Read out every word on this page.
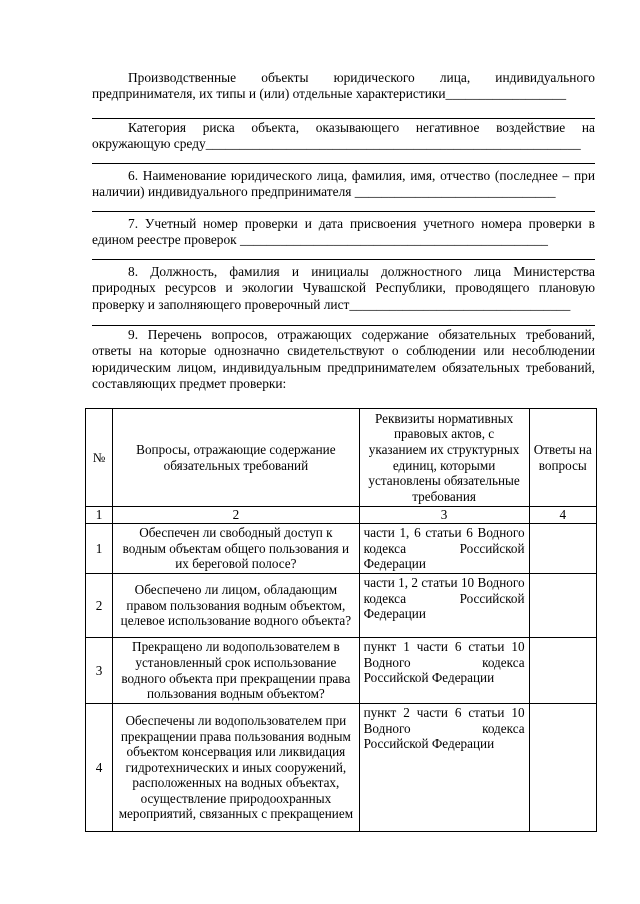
Производственные объекты юридического лица, индивидуального предпринимателя, их типы и (или) отдельные характеристики__________________
Категория риска объекта, оказывающего негативное воздействие на окружающую среду________________________________________________________
6. Наименование юридического лица, фамилия, имя, отчество (последнее – при наличии) индивидуального предпринимателя ______________________________
7. Учетный номер проверки и дата присвоения учетного номера проверки в едином реестре проверок ______________________________________________
8. Должность, фамилия и инициалы должностного лица Министерства природных ресурсов и экологии Чувашской Республики, проводящего плановую проверку и заполняющего проверочный лист_________________________________
9. Перечень вопросов, отражающих содержание обязательных требований, ответы на которые однозначно свидетельствуют о соблюдении или несоблюдении юридическим лицом, индивидуальным предпринимателем обязательных требований, составляющих предмет проверки:
№	Вопросы, отражающие содержание обязательных требований	Реквизиты нормативных правовых актов, с указанием их структурных единиц, которыми установлены обязательные требования	Ответы на вопросы
1	2	3	4
1	Обеспечен ли свободный доступ к водным объектам общего пользования и их береговой полосе?	части 1, 6 статьи 6 Водного кодекса Российской Федерации	
2	Обеспечено ли лицом, обладающим правом пользования водным объектом, целевое использование водного объекта?	части 1, 2 статьи 10 Водного кодекса Российской Федерации	
3	Прекращено ли водопользователем в установленный срок использование водного объекта при прекращении права пользования водным объектом?	пункт 1 части 6 статьи 10 Водного кодекса Российской Федерации	
4	Обеспечены ли водопользователем при прекращении права пользования водным объектом консервация или ликвидация гидротехнических и иных сооружений, расположенных на водных объектах, осуществление природоохранных мероприятий, связанных с прекращением	пункт 2 части 6 статьи 10 Водного кодекса Российской Федерации	
